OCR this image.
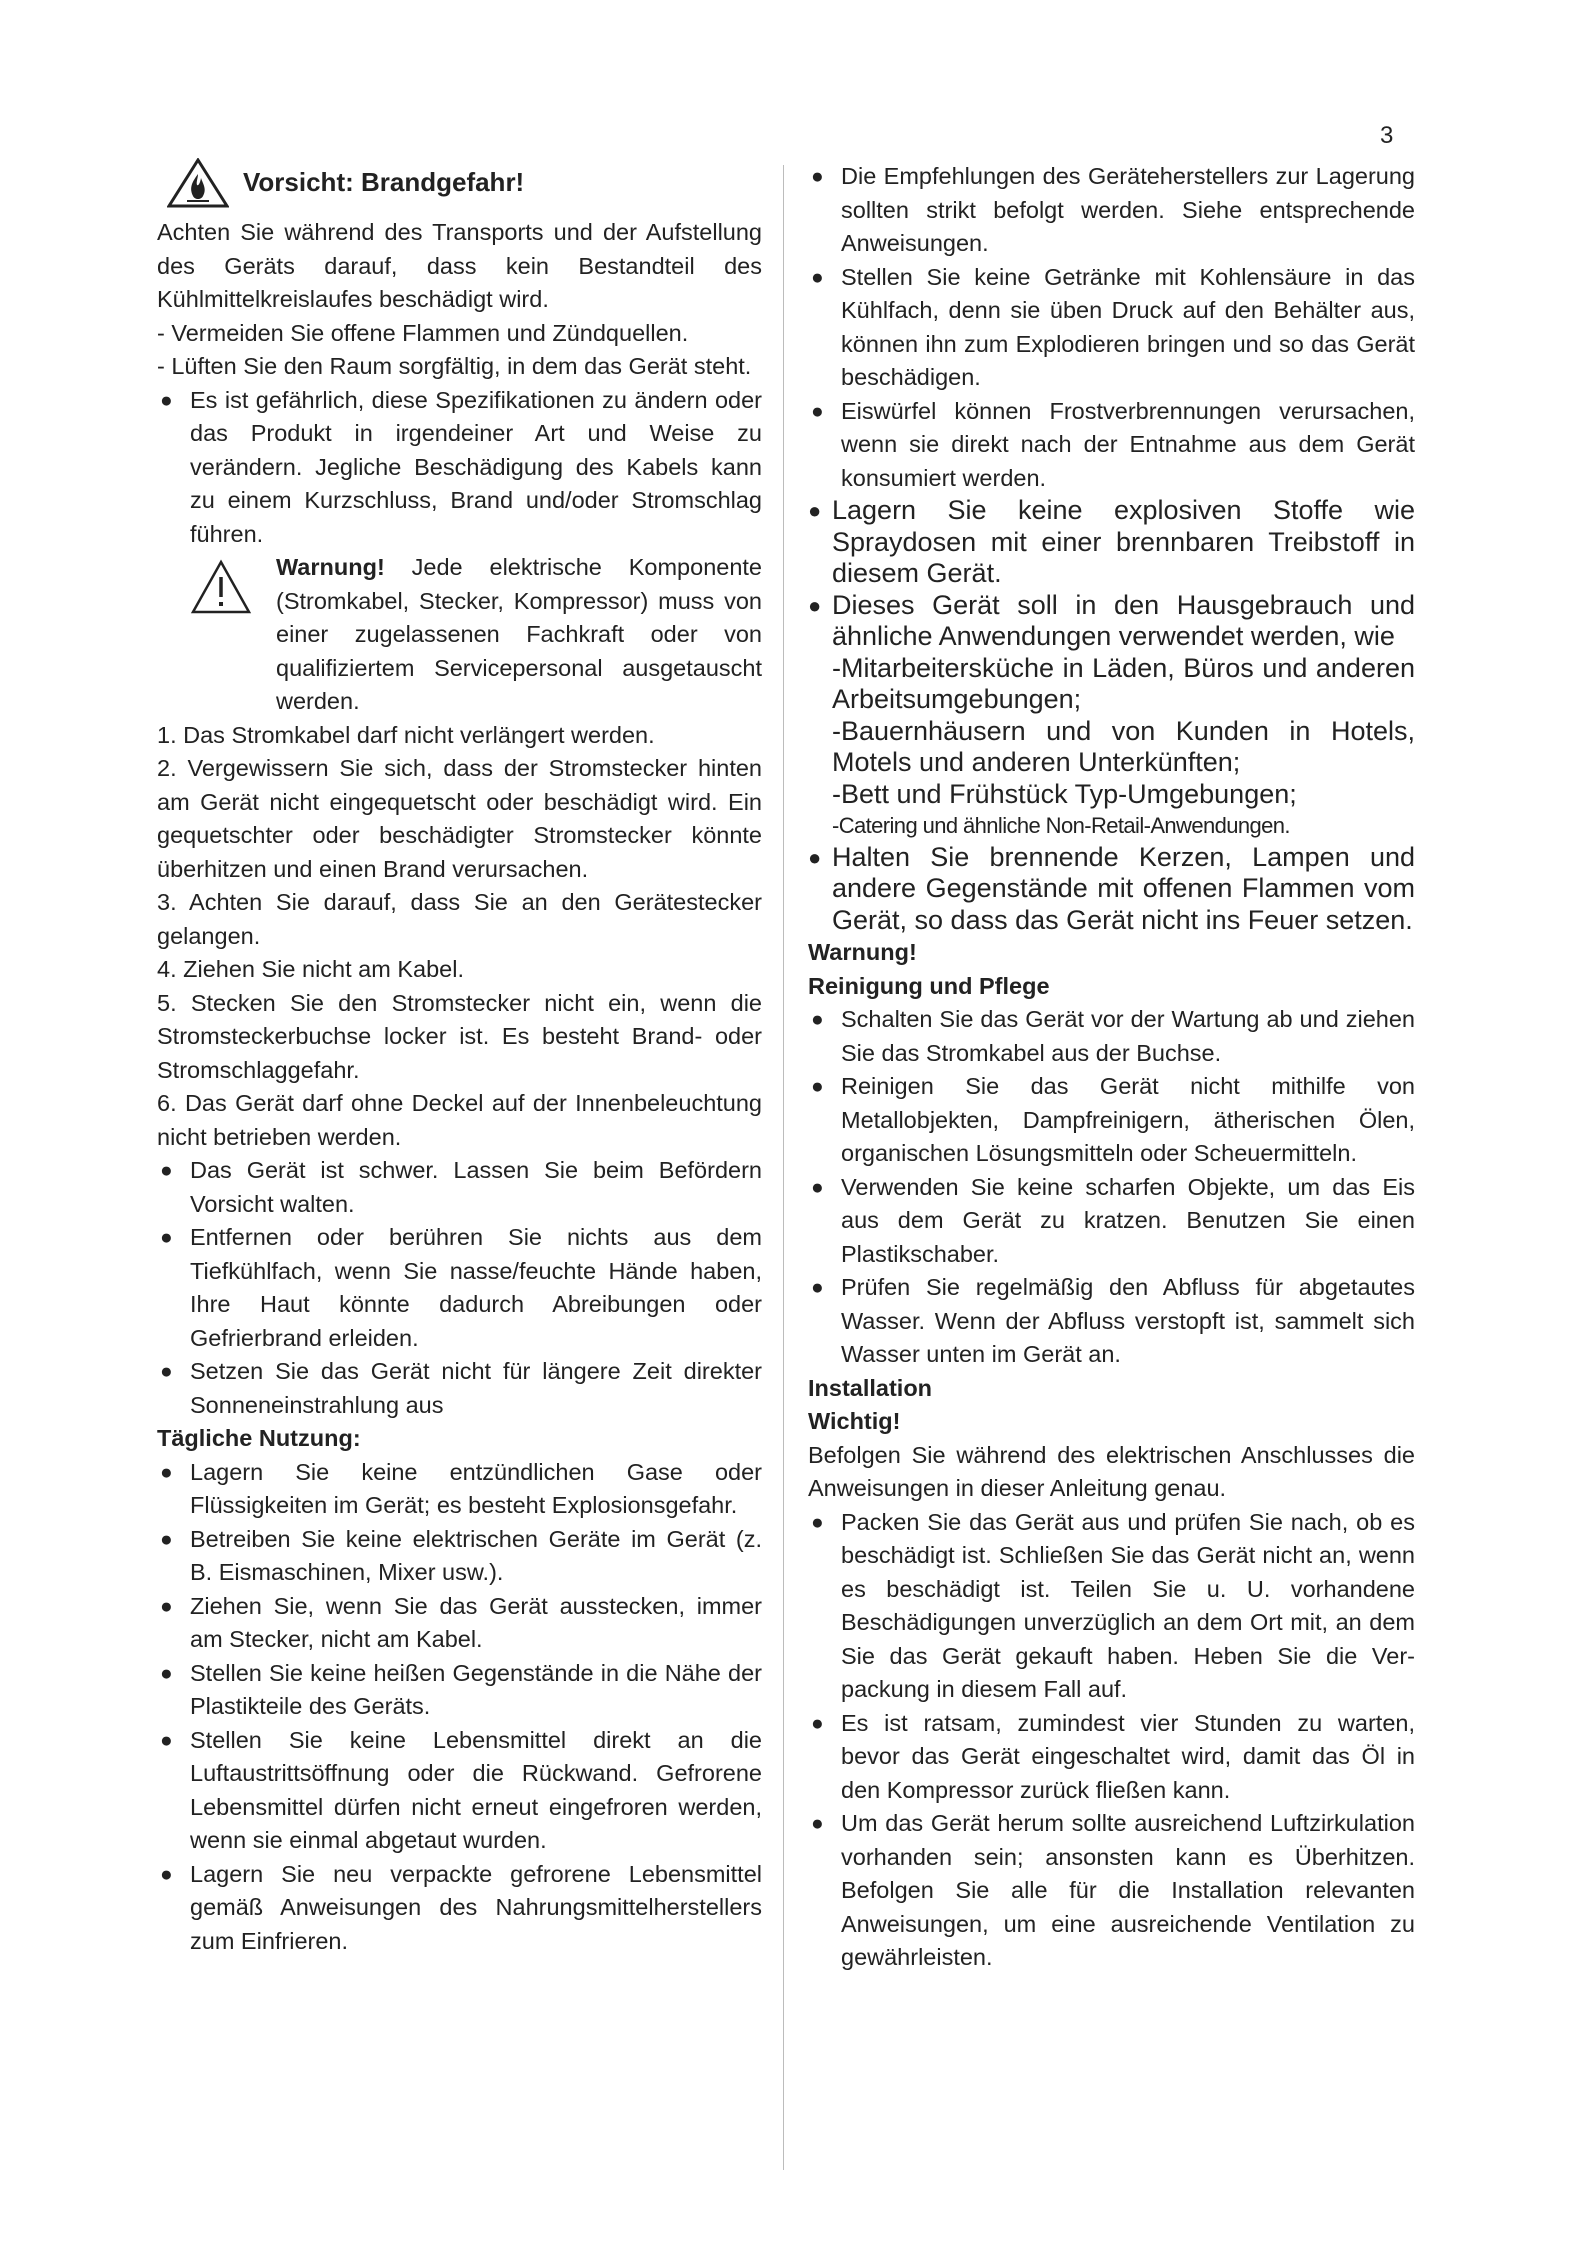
3
Vorsicht: Brandgefahr!

Achten Sie während des Transports und der Aufstellung des Geräts darauf, dass kein Bestandteil des Kühlmittelkreislaufes beschädigt wird.

- Vermeiden Sie offene Flammen und Zündquellen.

- Lüften Sie den Raum sorgfältig, in dem das Gerät steht.

● Es ist gefährlich, diese Spezifikationen zu ändern oder das Produkt in irgendeiner Art und Weise zu verändern. Jegliche Beschädigung des Kabels kann zu einem Kurzschluss, Brand und/oder Stromschlag führen.

Warnung! Jede elektrische Komponente (Stromkabel, Stecker, Kompressor) muss von einer zugelassenen Fachkraft oder von qualifiziertem Servicepersonal ausgetauscht werden.

1. Das Stromkabel darf nicht verlängert werden.

2. Vergewissern Sie sich, dass der Stromstecker hinten am Gerät nicht eingequetscht oder beschädigt wird. Ein gequetschter oder beschädigter Stromstecker könnte überhitzen und einen Brand verursachen.

3. Achten Sie darauf, dass Sie an den Gerätestecker gelangen.

4. Ziehen Sie nicht am Kabel.

5. Stecken Sie den Stromstecker nicht ein, wenn die Stromsteckerbuchse locker ist. Es besteht Brand- oder Stromschlaggefahr.

6. Das Gerät darf ohne Deckel auf der Innenbeleuchtung nicht betrieben werden.

● Das Gerät ist schwer. Lassen Sie beim Befördern Vorsicht walten.
● Entfernen oder berühren Sie nichts aus dem Tiefkühlfach, wenn Sie nasse/feuchte Hände haben, Ihre Haut könnte dadurch Abreibungen oder Gefrierbrand erleiden.
● Setzen Sie das Gerät nicht für längere Zeit direkter Sonneneinstrahlung aus

Tägliche Nutzung:

● Lagern Sie keine entzündlichen Gase oder Flüssigkeiten im Gerät; es besteht Explosionsgefahr.
● Betreiben Sie keine elektrischen Geräte im Gerät (z. B. Eismaschinen, Mixer usw.).
● Ziehen Sie, wenn Sie das Gerät ausstecken, immer am Stecker, nicht am Kabel.
● Stellen Sie keine heißen Gegenstände in die Nähe der Plastikteile des Geräts.
● Stellen Sie keine Lebensmittel direkt an die Luftaustrittsöffnung oder die Rückwand. Gefrorene Lebensmittel dürfen nicht erneut eingefroren werden, wenn sie einmal abgetaut wurden.
● Lagern Sie neu verpackte gefrorene Lebensmittel gemäß Anweisungen des Nahrungsmittelherstellers zum Einfrieren.
● Die Empfehlungen des Geräteherstellers zur Lagerung sollten strikt befolgt werden. Siehe entsprechende Anweisungen.
● Stellen Sie keine Getränke mit Kohlensäure in das Kühlfach, denn sie üben Druck auf den Behälter aus, können ihn zum Explodieren bringen und so das Gerät beschädigen.
● Eiswürfel können Frostverbrennungen verursachen, wenn sie direkt nach der Entnahme aus dem Gerät konsumiert werden.
● Lagern Sie keine explosiven Stoffe wie Spraydosen mit einer brennbaren Treibstoff in diesem Gerät.
● Dieses Gerät soll in den Hausgebrauch und ähnliche Anwendungen verwendet werden, wie

-Mitarbeitersküche in Läden, Büros und anderen Arbeitsumgebungen;

-Bauernhäusern und von Kunden in Hotels, Motels und anderen Unterkünften;

-Bett und Frühstück Typ-Umgebungen;

-Catering und ähnliche Non-Retail-Anwendungen.

● Halten Sie brennende Kerzen, Lampen und andere Gegenstände mit offenen Flammen vom Gerät, so dass das Gerät nicht ins Feuer setzen.

Warnung!

Reinigung und Pflege

● Schalten Sie das Gerät vor der Wartung ab und ziehen Sie das Stromkabel aus der Buchse.
● Reinigen Sie das Gerät nicht mithilfe von Metallobjekten, Dampfreinigern, ätherischen Ölen, organischen Lösungsmitteln oder Scheuermitteln.
● Verwenden Sie keine scharfen Objekte, um das Eis aus dem Gerät zu kratzen. Benutzen Sie einen Plastikschaber.
● Prüfen Sie regelmäßig den Abfluss für abgetautes Wasser. Wenn der Abfluss verstopft ist, sammelt sich Wasser unten im Gerät an.

Installation

Wichtig!

Befolgen Sie während des elektrischen Anschlusses die Anweisungen in dieser Anleitung genau.

● Packen Sie das Gerät aus und prüfen Sie nach, ob es beschädigt ist. Schließen Sie das Gerät nicht an, wenn es beschädigt ist. Teilen Sie u. U. vorhandene Beschädigungen unverzüglich an dem Ort mit, an dem Sie das Gerät gekauft haben. Heben Sie die Ver-packung in diesem Fall auf.
● Es ist ratsam, zumindest vier Stunden zu warten, bevor das Gerät eingeschaltet wird, damit das Öl in den Kompressor zurück fließen kann.
● Um das Gerät herum sollte ausreichend Luftzirkulation vorhanden sein; ansonsten kann es Überhitzen. Befolgen Sie alle für die Installation relevanten Anweisungen, um eine ausreichende Ventilation zu gewährleisten.
